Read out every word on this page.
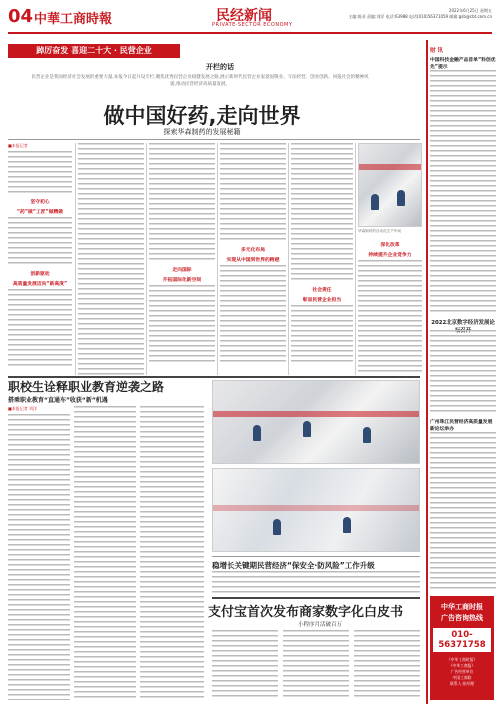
04 中華工商時報	民经新闻
PRIVATE·SECTOR ECONOMY
2022年6月25日 星期五
主编:陈亚 责编:刘洋 电话:63988 电话(010)56371059 邮箱:gsb@cbt.com.cn
踔厉奋发 喜迎二十大 · 民营企业
开栏的话
民营企业是我国经济社会发展的重要力量,本报今日起开设专栏,聚焦优秀民营企业稳健发展之路,展示新时代民营企业家爱国敬业、守法经营、创业创新、回报社会的精神风貌,推动民营经济高质量发展。
做中国好药,走向世界
探索华森制药的发展秘籍
■本报记者
坚守初心
“药”做“工匠”做精做
创新驱动
高质量发展迈向“新高度”
走向国际
开拓国际化新空间
多元化布局
实现从中国到世界的跨越
社会责任
彰显民营企业担当
深化改革
持续提升企业竞争力
华森制药的自动化生产车间
职校生诠释职业教育逆袭之路
搭乘职业教育“直通车”收获“新”机遇
■本报记者 刘洋
稳增长关键期民营经济“保安全·防风险”工作升级
支付宝首次发布商家数字化白皮书
小程序月活破百万
财 讯
中国科技金融产品首单“科创优先”提示
2022北京数字经济发展论坛召开
广州珠江民营经济高质量发展新论坛举办
中华工商时报
广告咨询热线
010-56371758
《中华工商时报》
《中华工商报》
广告经营单位
中国工商联
联系人:张经理
